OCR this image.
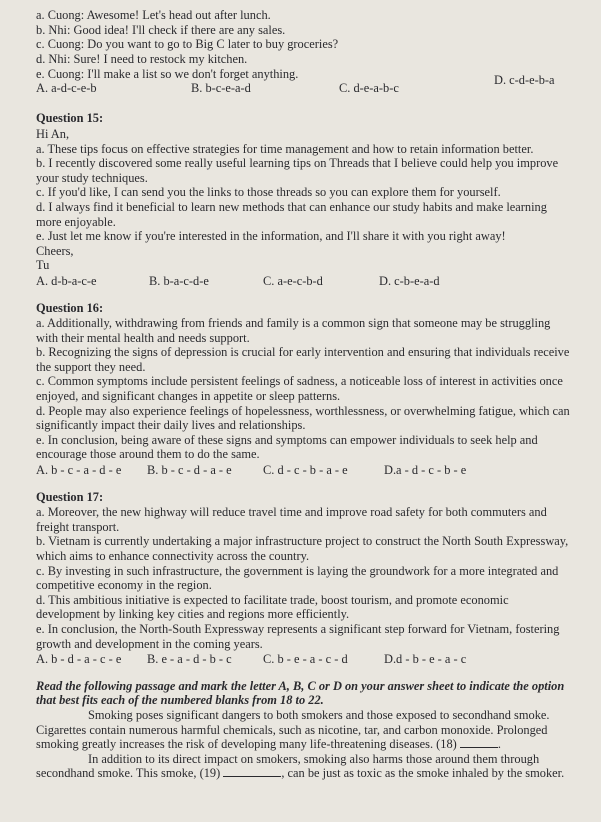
a. Cuong: Awesome! Let's head out after lunch.
b. Nhi: Good idea! I'll check if there are any sales.
c. Cuong: Do you want to go to Big C later to buy groceries?
d. Nhi: Sure! I need to restock my kitchen.
e. Cuong: I'll make a list so we don't forget anything.
A. a-d-c-e-b	B. b-c-e-a-d	C. d-e-a-b-c
D. c-d-e-b-a
Question 15:
Hi An,
a. These tips focus on effective strategies for time management and how to retain information better.
b. I recently discovered some really useful learning tips on Threads that I believe could help you improve your study techniques.
c. If you'd like, I can send you the links to those threads so you can explore them for yourself.
d. I always find it beneficial to learn new methods that can enhance our study habits and make learning more enjoyable.
e. Just let me know if you're interested in the information, and I'll share it with you right away!
Cheers,
Tu
A. d-b-a-c-e	B. b-a-c-d-e	C. a-e-c-b-d	D. c-b-e-a-d
Question 16:
a. Additionally, withdrawing from friends and family is a common sign that someone may be struggling with their mental health and needs support.
b. Recognizing the signs of depression is crucial for early intervention and ensuring that individuals receive the support they need.
c. Common symptoms include persistent feelings of sadness, a noticeable loss of interest in activities once enjoyed, and significant changes in appetite or sleep patterns.
d. People may also experience feelings of hopelessness, worthlessness, or overwhelming fatigue, which can significantly impact their daily lives and relationships.
e. In conclusion, being aware of these signs and symptoms can empower individuals to seek help and encourage those around them to do the same.
A. b - c - a - d - e	B. b - c - d - a - e	C. d - c - b - a - e	D.a - d - c - b - e
Question 17:
a. Moreover, the new highway will reduce travel time and improve road safety for both commuters and freight transport.
b. Vietnam is currently undertaking a major infrastructure project to construct the North South Expressway, which aims to enhance connectivity across the country.
c. By investing in such infrastructure, the government is laying the groundwork for a more integrated and competitive economy in the region.
d. This ambitious initiative is expected to facilitate trade, boost tourism, and promote economic development by linking key cities and regions more efficiently.
e. In conclusion, the North-South Expressway represents a significant step forward for Vietnam, fostering growth and development in the coming years.
A. b - d - a - c - e	B. e - a - d - b - c	C. b - e - a - c - d	D.d - b - e - a - c
Read the following passage and mark the letter A, B, C or D on your answer sheet to indicate the option that best fits each of the numbered blanks from 18 to 22.
Smoking poses significant dangers to both smokers and those exposed to secondhand smoke. Cigarettes contain numerous harmful chemicals, such as nicotine, tar, and carbon monoxide. Prolonged smoking greatly increases the risk of developing many life-threatening diseases. (18)	.
In addition to its direct impact on smokers, smoking also harms those around them through secondhand smoke. This smoke, (19)	, can be just as toxic as the smoke inhaled by the smoker.
